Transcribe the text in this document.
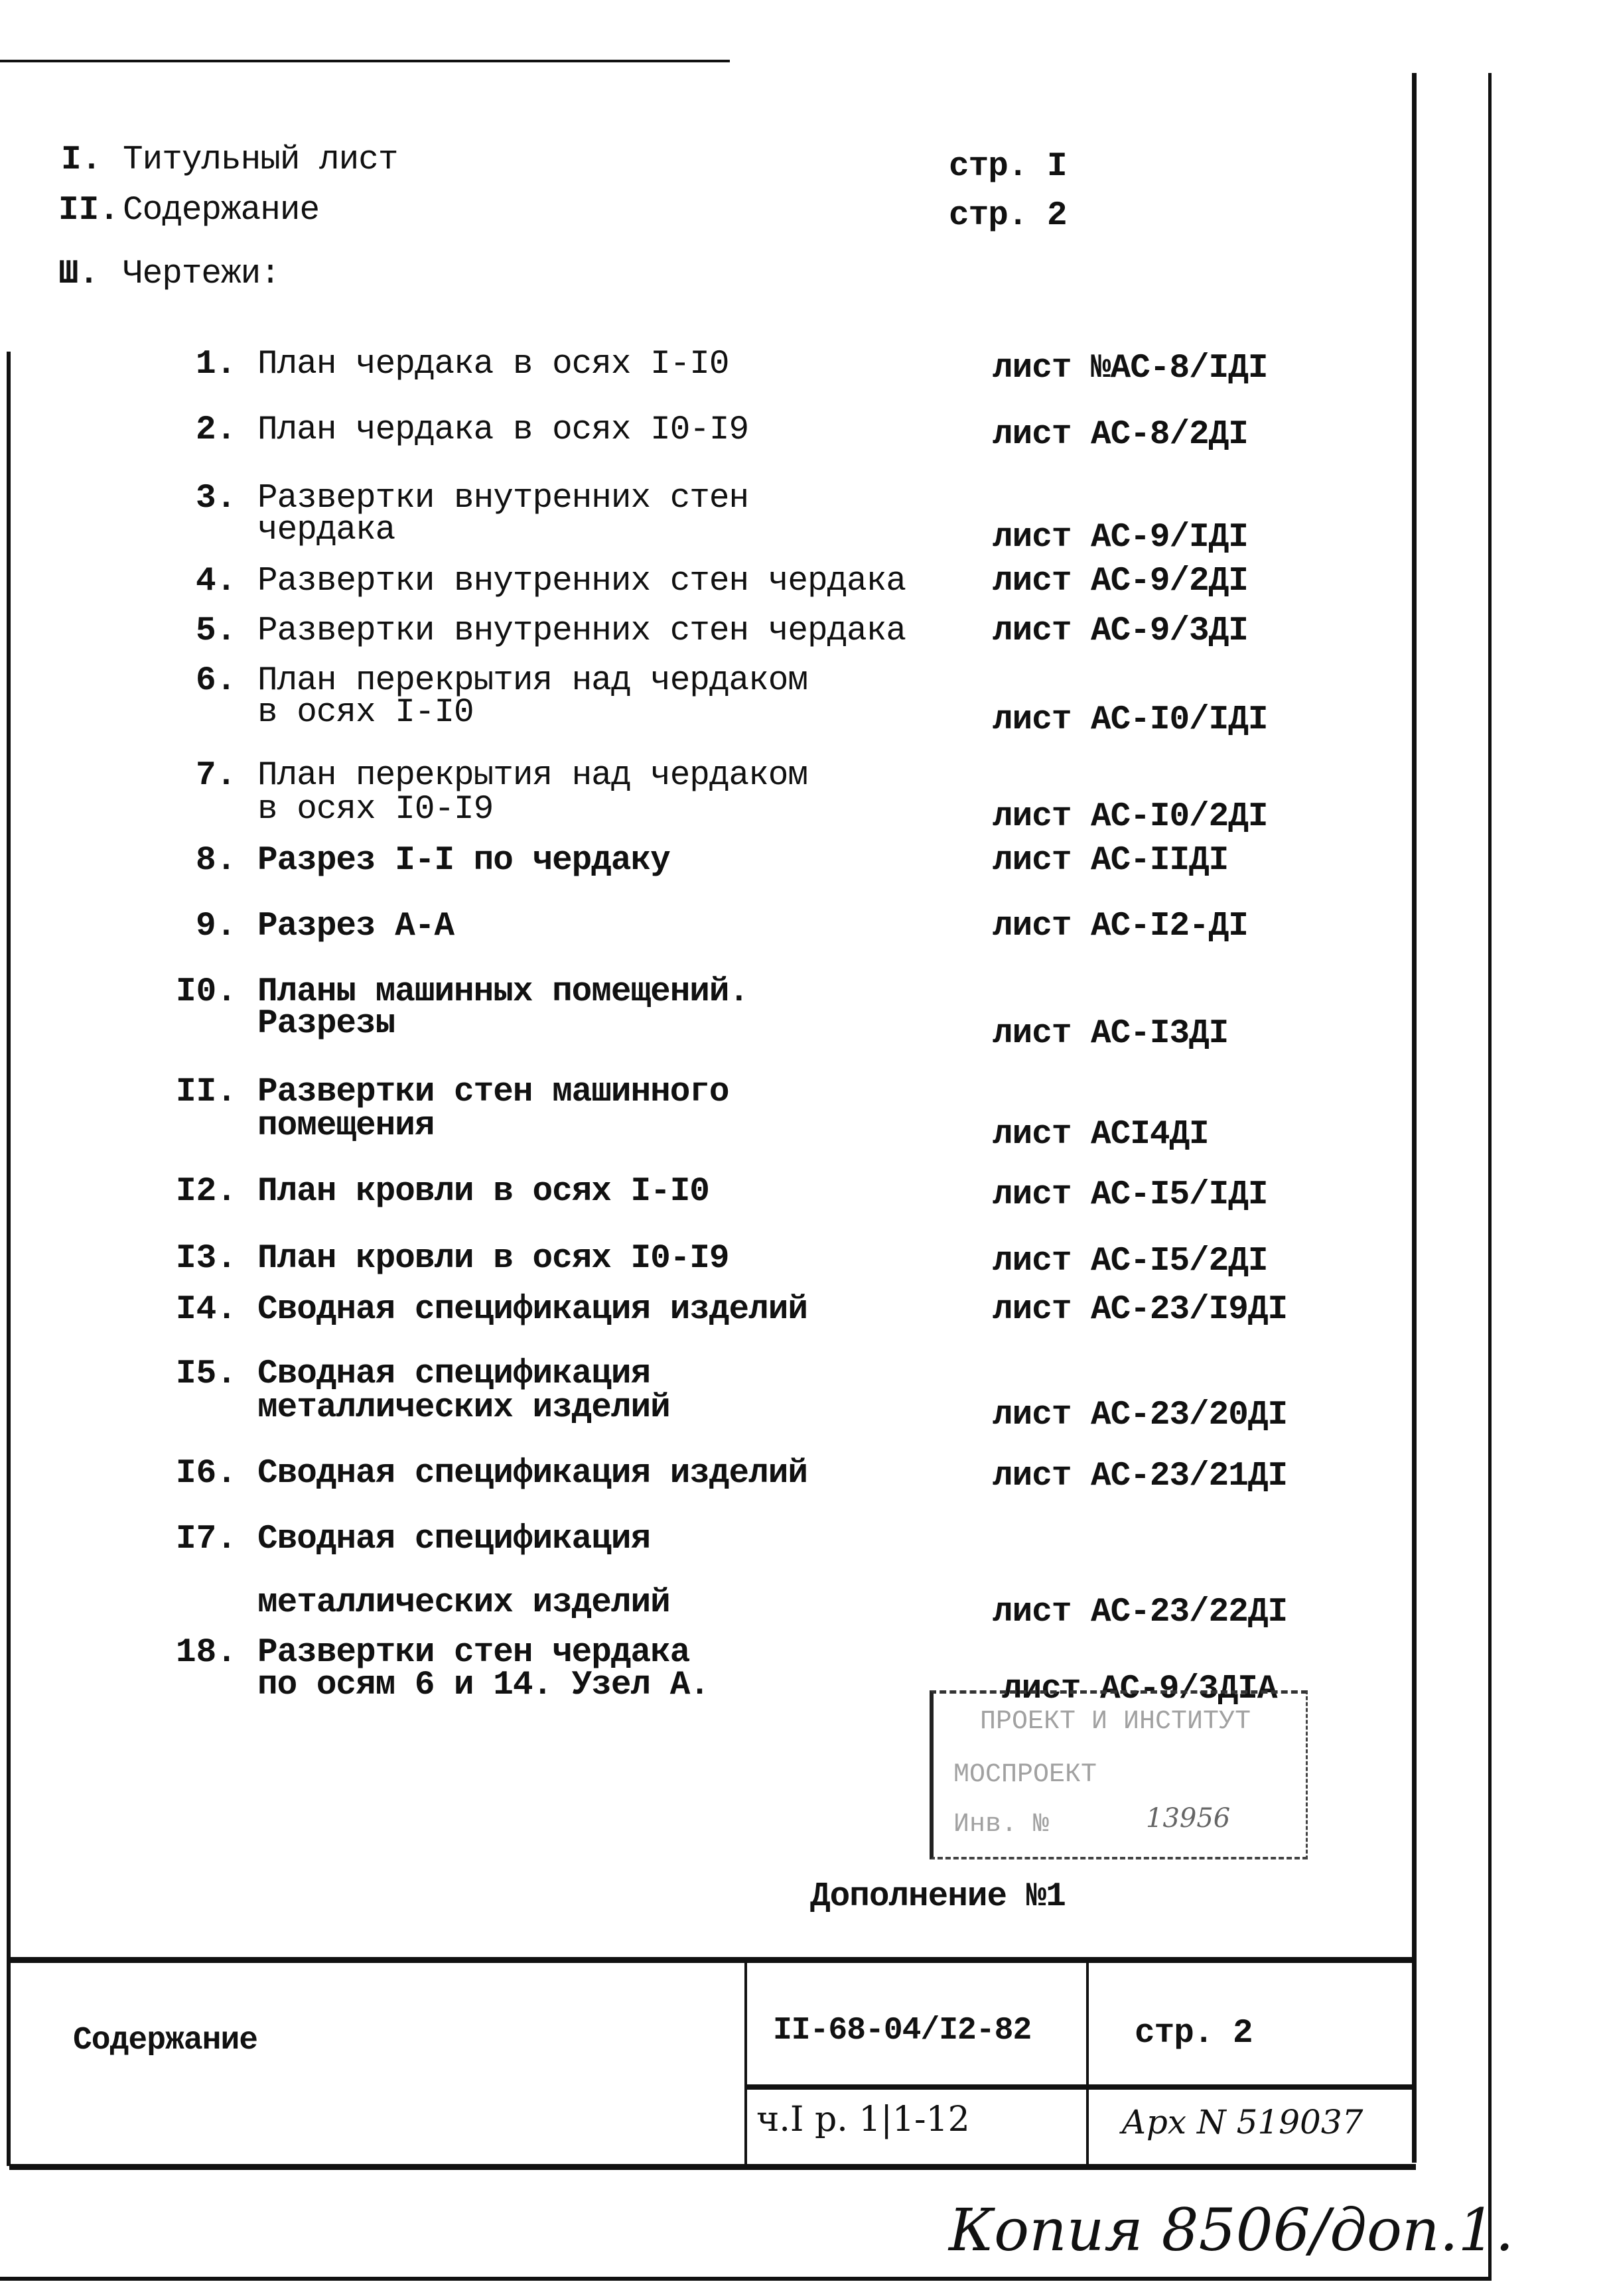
I. Титульный лист	стр. I
II. Содержание	стр. 2
Ш. Чертежи:
1. План чердака в осях I-I0	лист №АС-8/IДI
2. План чердака в осях I0-I9	лист АС-8/2ДI
3. Развертки внутренних стен
чердака	лист АС-9/IДI
4. Развертки внутренних стен чердака	лист АС-9/2ДI
5. Развертки внутренних стен чердака	лист АС-9/3ДI
6. План перекрытия над чердаком
в осях I-I0	лист АС-I0/IДI
7. План перекрытия над чердаком
в осях I0-I9	лист АС-I0/2ДI
8. Разрез I-I по чердаку	лист АС-IIДI
9. Разрез А-А	лист АС-I2-ДI
I0. Планы машинных помещений.
Разрезы	лист АС-I3ДI
II. Развертки стен машинного
помещения	лист АСI4ДI
I2. План кровли в осях I-I0	лист АС-I5/IДI
I3. План кровли в осях I0-I9	лист АС-I5/2ДI
I4. Сводная спецификация изделий	лист АС-23/I9ДI
I5. Сводная спецификация
металлических изделий	лист АС-23/20ДI
I6. Сводная спецификация изделий	лист АС-23/21ДI
I7. Сводная спецификация
металлических изделий	лист АС-23/22ДI
18. Развертки стен чердака
по осям 6 и 14. Узел А.	лист АС-9/3ДIА
ПРОЕКТ И ИНСТИТУТ
МОСПРОЕКТ
Инв. №	13956
Дополнение №1
Содержание	II-68-04/I2-82	стр. 2
ч.I р. 1|1-12	Арх N 519037
Копия 8506/доп.1.
